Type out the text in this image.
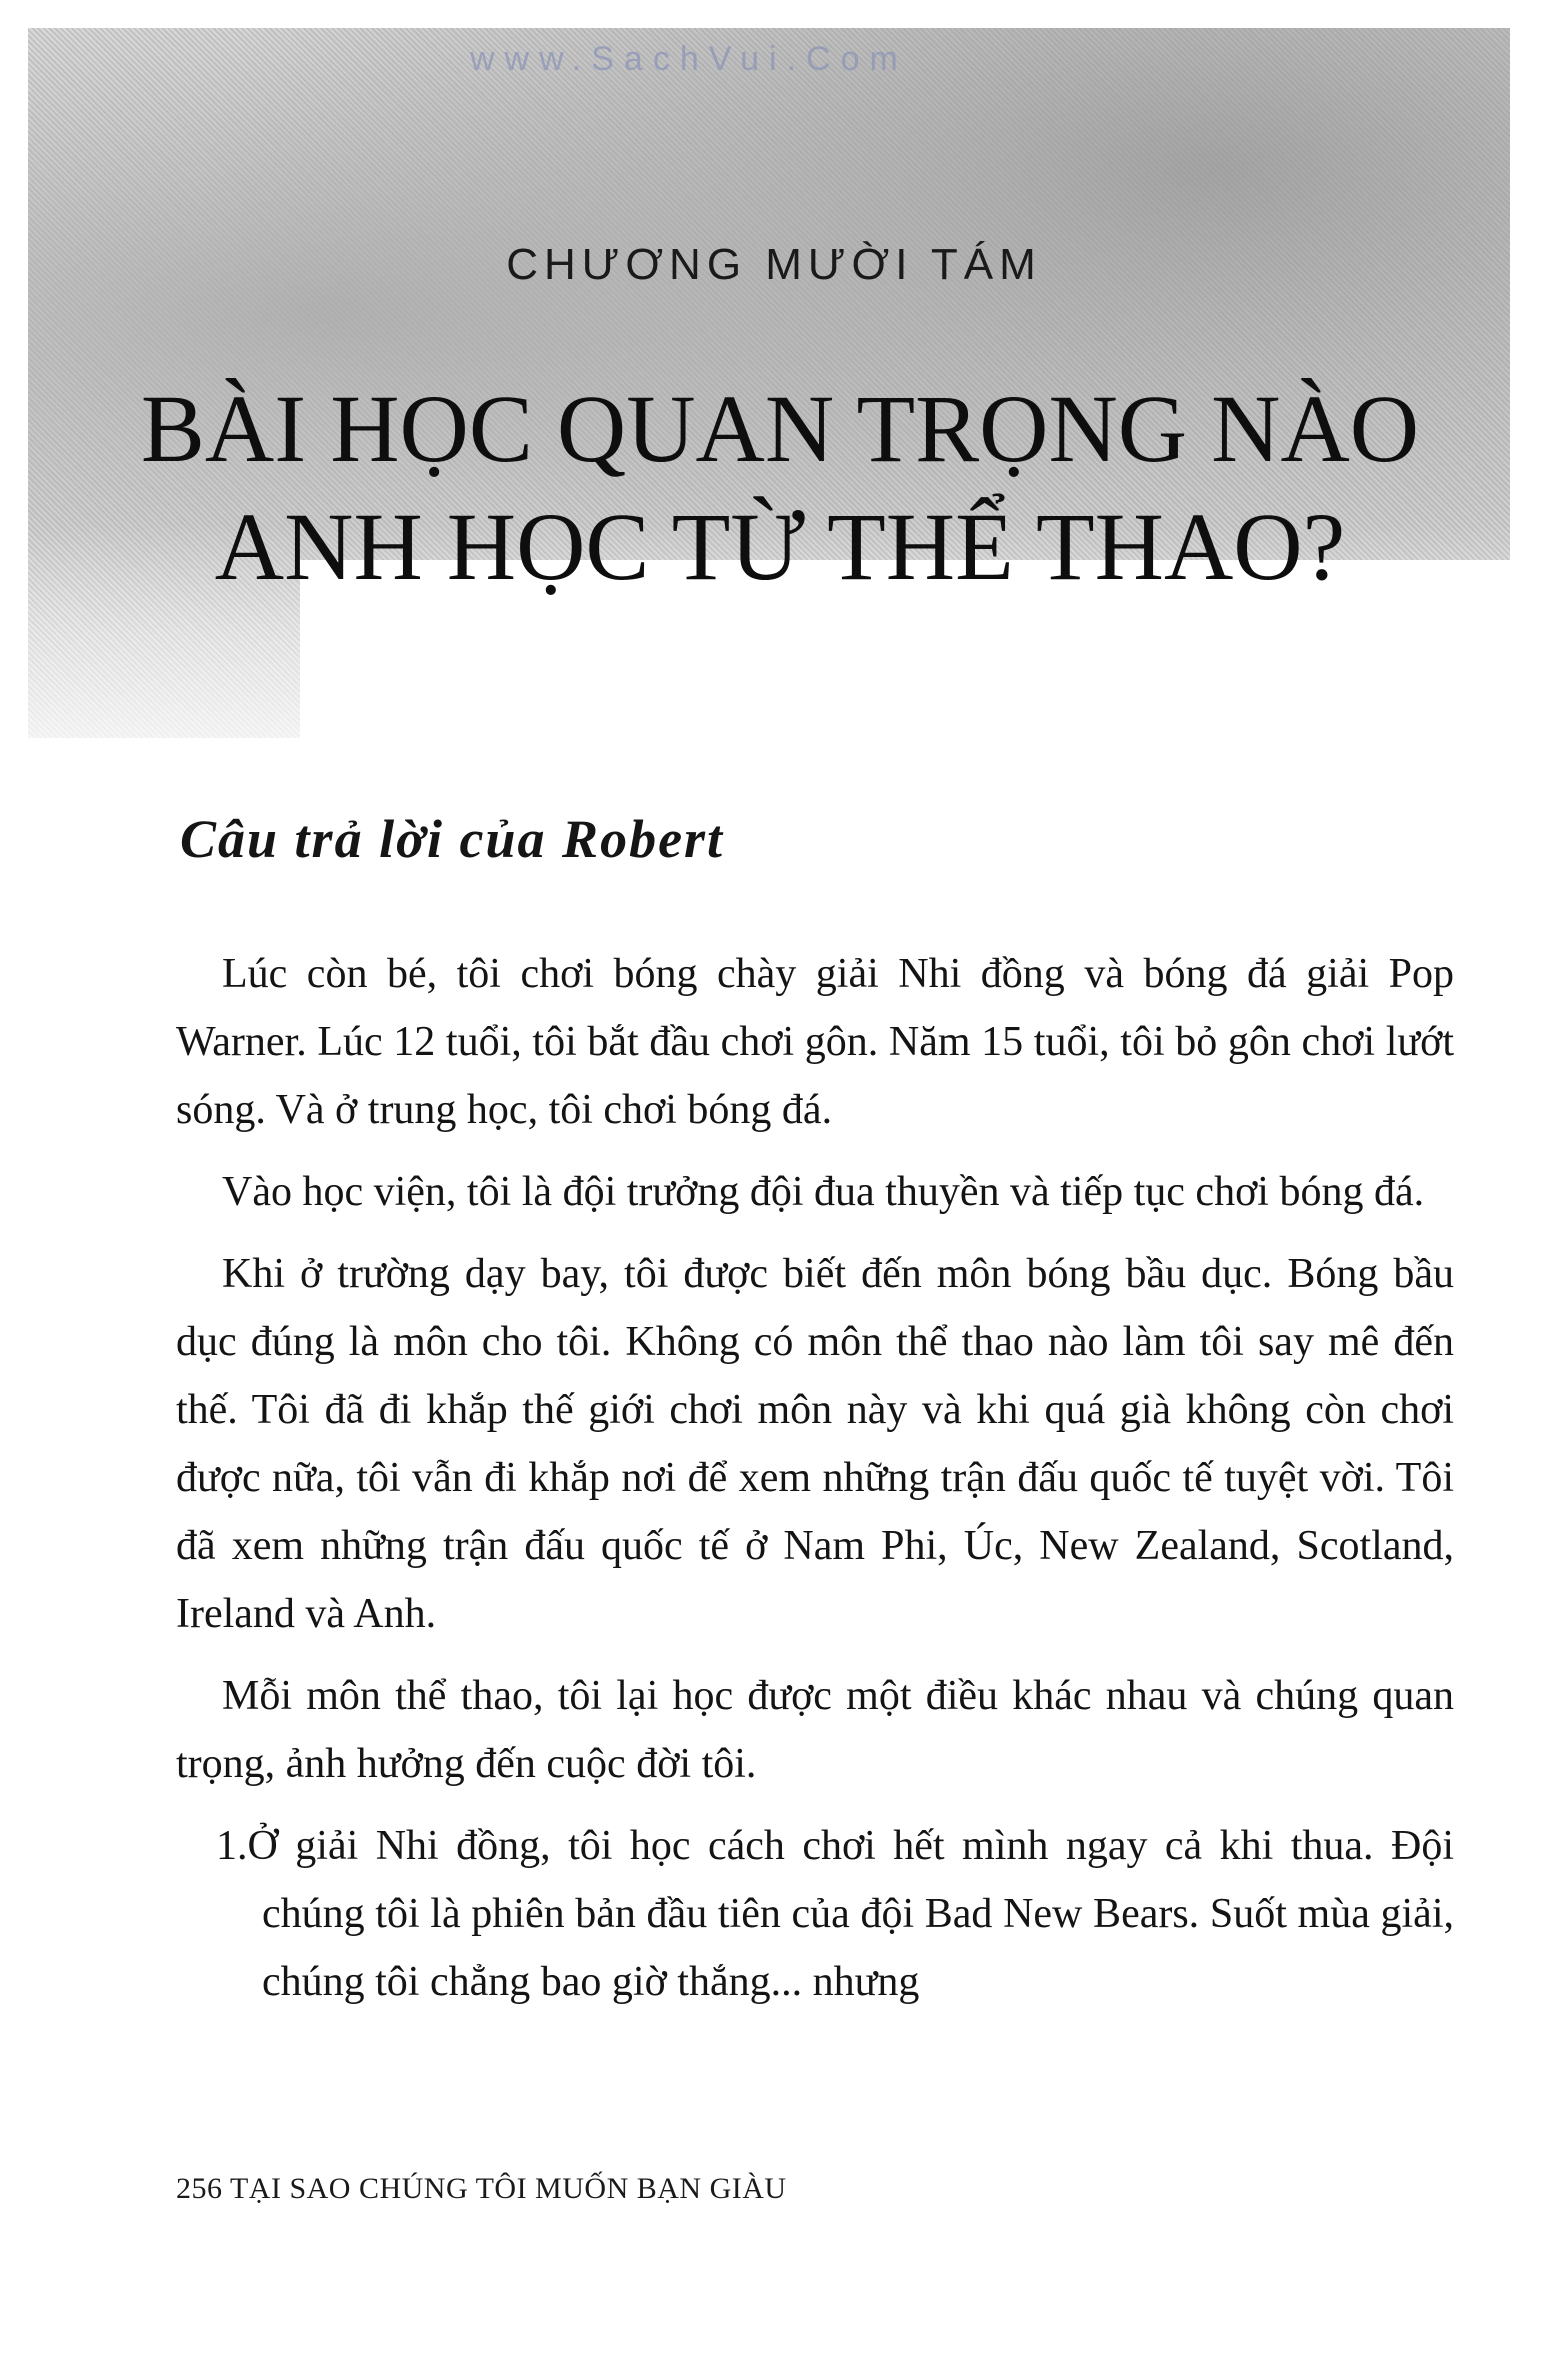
www.SachVui.Com
CHƯƠNG MƯỜI TÁM
BÀI HỌC QUAN TRỌNG NÀO
ANH HỌC TỪ THỂ THAO?
Câu trả lời của Robert

Lúc còn bé, tôi chơi bóng chày giải Nhi đồng và bóng đá giải Pop Warner. Lúc 12 tuổi, tôi bắt đầu chơi gôn. Năm 15 tuổi, tôi bỏ gôn chơi lướt sóng. Và ở trung học, tôi chơi bóng đá.

Vào học viện, tôi là đội trưởng đội đua thuyền và tiếp tục chơi bóng đá.

Khi ở trường dạy bay, tôi được biết đến môn bóng bầu dục. Bóng bầu dục đúng là môn cho tôi. Không có môn thể thao nào làm tôi say mê đến thế. Tôi đã đi khắp thế giới chơi môn này và khi quá già không còn chơi được nữa, tôi vẫn đi khắp nơi để xem những trận đấu quốc tế tuyệt vời. Tôi đã xem những trận đấu quốc tế ở Nam Phi, Úc, New Zealand, Scotland, Ireland và Anh.

Mỗi môn thể thao, tôi lại học được một điều khác nhau và chúng quan trọng, ảnh hưởng đến cuộc đời tôi.

1.Ở giải Nhi đồng, tôi học cách chơi hết mình ngay cả khi thua. Đội chúng tôi là phiên bản đầu tiên của đội Bad New Bears. Suốt mùa giải, chúng tôi chẳng bao giờ thắng... nhưng

256 TẠI SAO CHÚNG TÔI MUỐN BẠN GIÀU
